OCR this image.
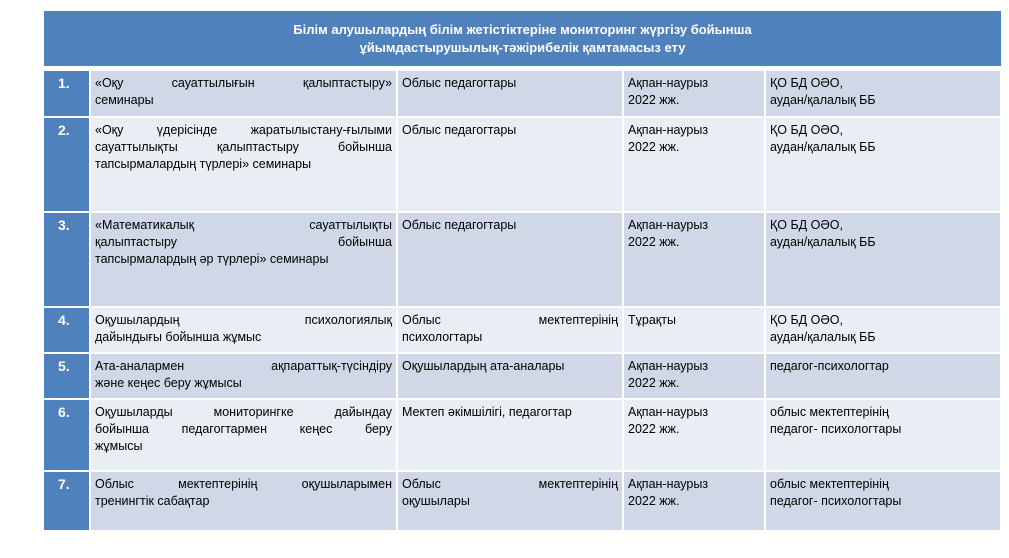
Білім алушылардың білім жетістіктеріне мониторинг жүргізу бойынша
ұйымдастырушылық-тәжірибелік қамтамасыз ету
1.	«Оқу сауаттылығын қалыптастыру»
семинары	Облыс педагогтары	Ақпан-наурыз
2022 жж.	ҚО БД ОӘО,
аудан/қалалық ББ

2.	«Оқу үдерісінде жаратылыстану-ғылыми
сауаттылықты қалыптастыру бойынша
тапсырмалардың түрлері» семинары	Облыс педагогтары	Ақпан-наурыз
2022 жж.	ҚО БД ОӘО,
аудан/қалалық ББ

3.	«Математикалық сауаттылықты
қалыптастыру бойынша
тапсырмалардың әр түрлері» семинары	Облыс педагогтары	Ақпан-наурыз
2022 жж.	ҚО БД ОӘО,
аудан/қалалық ББ

4.	Оқушылардың психологиялық
дайындығы бойынша жұмыс	Облыс мектептерінің
психологтары	Тұрақты	ҚО БД ОӘО,
аудан/қалалық ББ

5.	Ата-аналармен ақпараттық-түсіндіру
және кеңес беру жұмысы	Оқушылардың ата-аналары	Ақпан-наурыз
2022 жж.	педагог-психологтар

6.	Оқушыларды мониторингке дайындау
бойынша педагогтармен кеңес беру
жұмысы	Мектеп әкімшілігі, педагогтар	Ақпан-наурыз
2022 жж.	облыс мектептерінің
педагог- психологтары

7.	Облыс мектептерінің оқушыларымен
тренингтік сабақтар	Облыс мектептерінің
оқушылары	Ақпан-наурыз
2022 жж.	облыс мектептерінің
педагог- психологтары
